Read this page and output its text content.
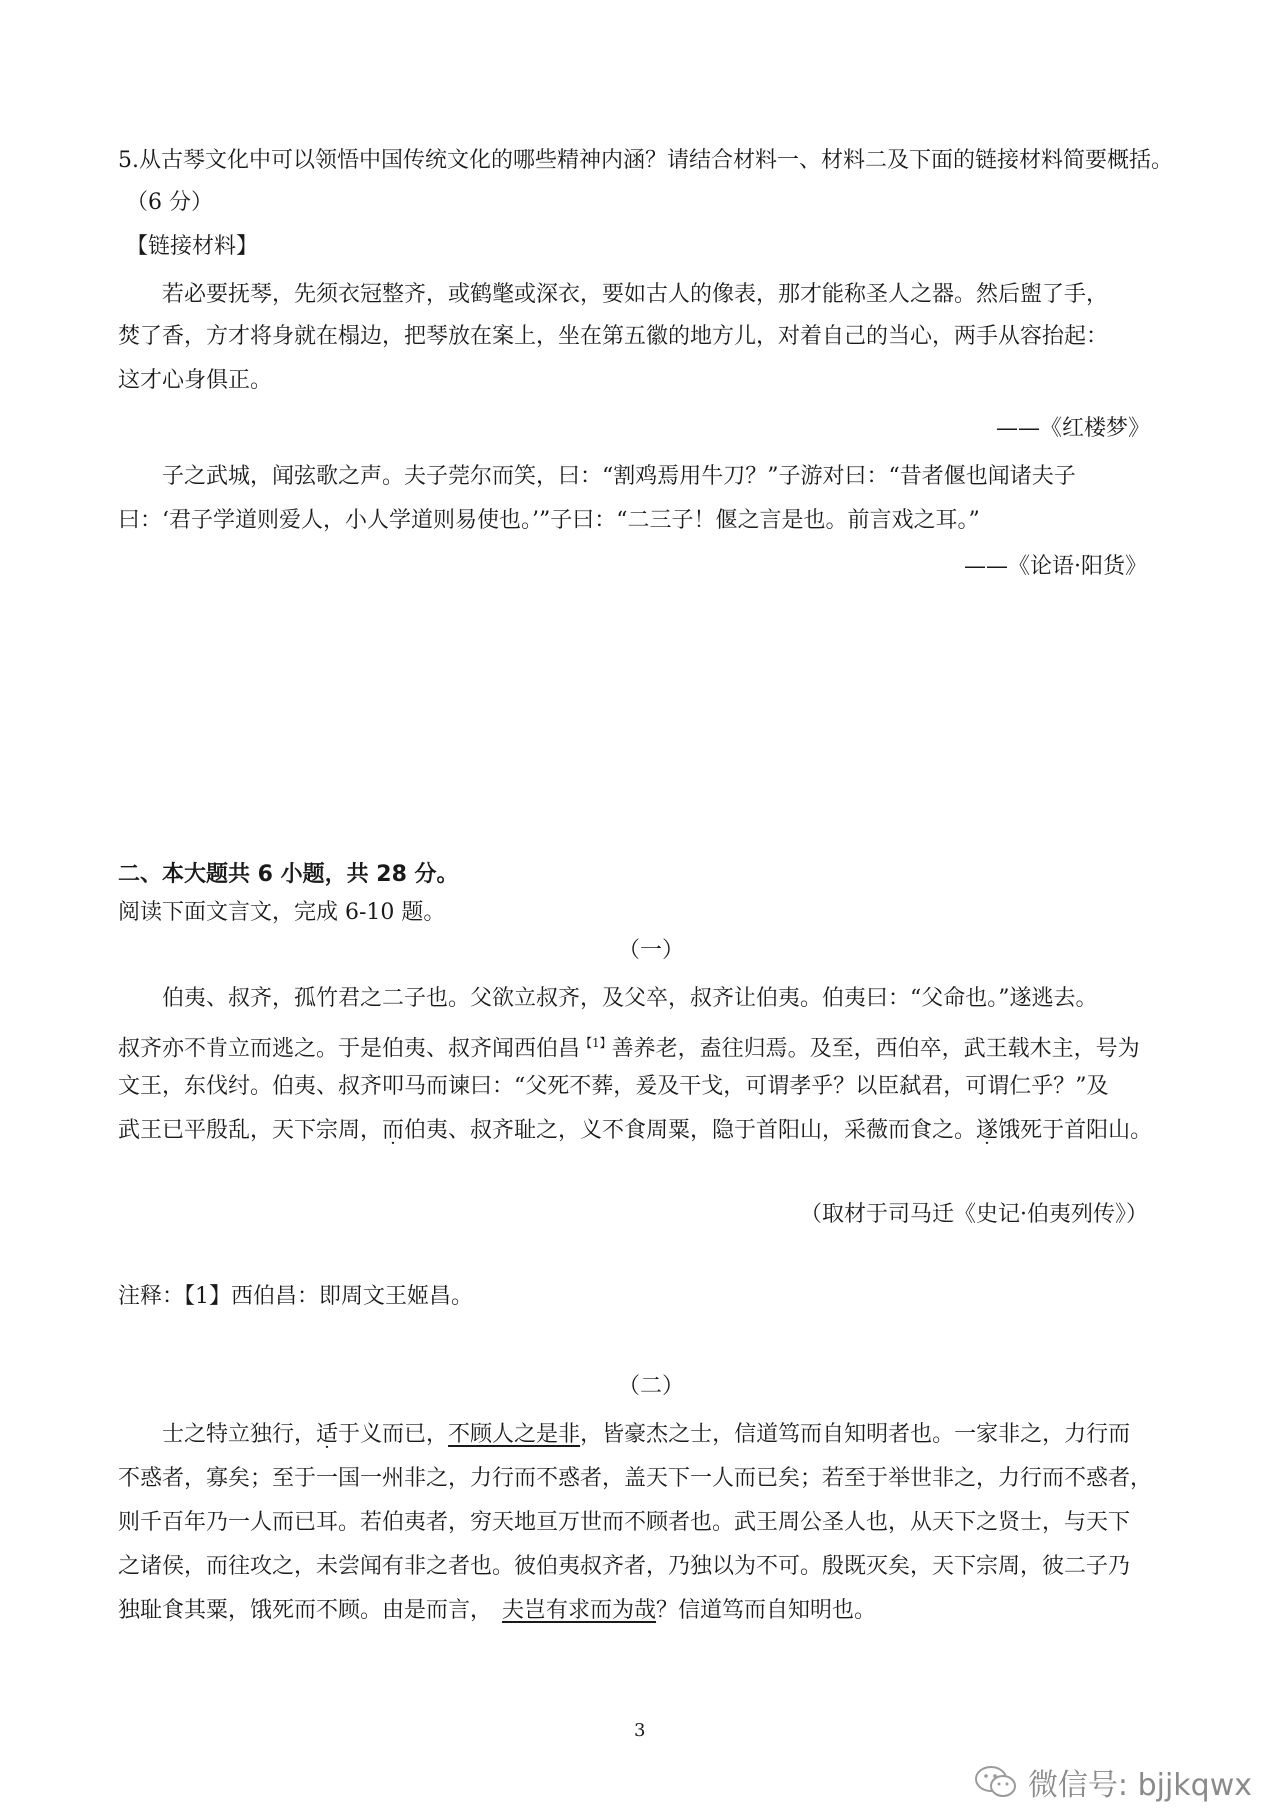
5.从古琴文化中可以领悟中国传统文化的哪些精神内涵？请结合材料一、材料二及下面的链接材料简要概括。
（6 分）
【链接材料】
若必要抚琴，先须衣冠整齐，或鹤氅或深衣，要如古人的像表，那才能称圣人之器。然后盥了手，
焚了香，方才将身就在榻边，把琴放在案上，坐在第五徽的地方儿，对着自己的当心，两手从容抬起：
这才心身俱正。
——《红楼梦》
子之武城，闻弦歌之声。夫子莞尔而笑，曰：“割鸡焉用牛刀？”子游对曰：“昔者偃也闻诸夫子
曰：‘君子学道则爱人，小人学道则易使也。’”子曰：“二三子！偃之言是也。前言戏之耳。”
——《论语·阳货》
二、本大题共 6 小题，共 28 分。
阅读下面文言文，完成 6-10 题。
（一）
伯夷、叔齐，孤竹君之二子也。父欲立叔齐，及父卒，叔齐让伯夷。伯夷曰：“父命也。”遂逃去。
叔齐亦不肯立而逃之。于是伯夷、叔齐闻西伯昌$^{【1】}$善养老，盍往归焉。及至，西伯卒，武王载木主，号为
文王，东伐纣。伯夷、叔齐叩马而谏曰：“父死不葬，爰及干戈，可谓孝乎？以臣弑君，可谓仁乎？”及
武王已平殷乱，天下宗周，而伯夷、叔齐耻之，义不食周粟，隐于首阳山，采薇而食之。遂饿死于首阳山。
（取材于司马迁《史记·伯夷列传》）
注释：【1】西伯昌：即周文王姬昌。
（二）
士之特立独行，适于义而已，不顾人之是非，皆豪杰之士，信道笃而自知明者也。一家非之，力行而
不惑者，寡矣；至于一国一州非之，力行而不惑者，盖天下一人而已矣；若至于举世非之，力行而不惑者，
则千百年乃一人而已耳。若伯夷者，穷天地亘万世而不顾者也。武王周公圣人也，从天下之贤士，与天下
之诸侯，而往攻之，未尝闻有非之者也。彼伯夷叔齐者，乃独以为不可。殷既灭矣，天下宗周，彼二子乃
独耻食其粟，饿死而不顾。由是而言， 夫岂有求而为哉？信道笃而自知明也。
3
微信号: bjjkqwx
